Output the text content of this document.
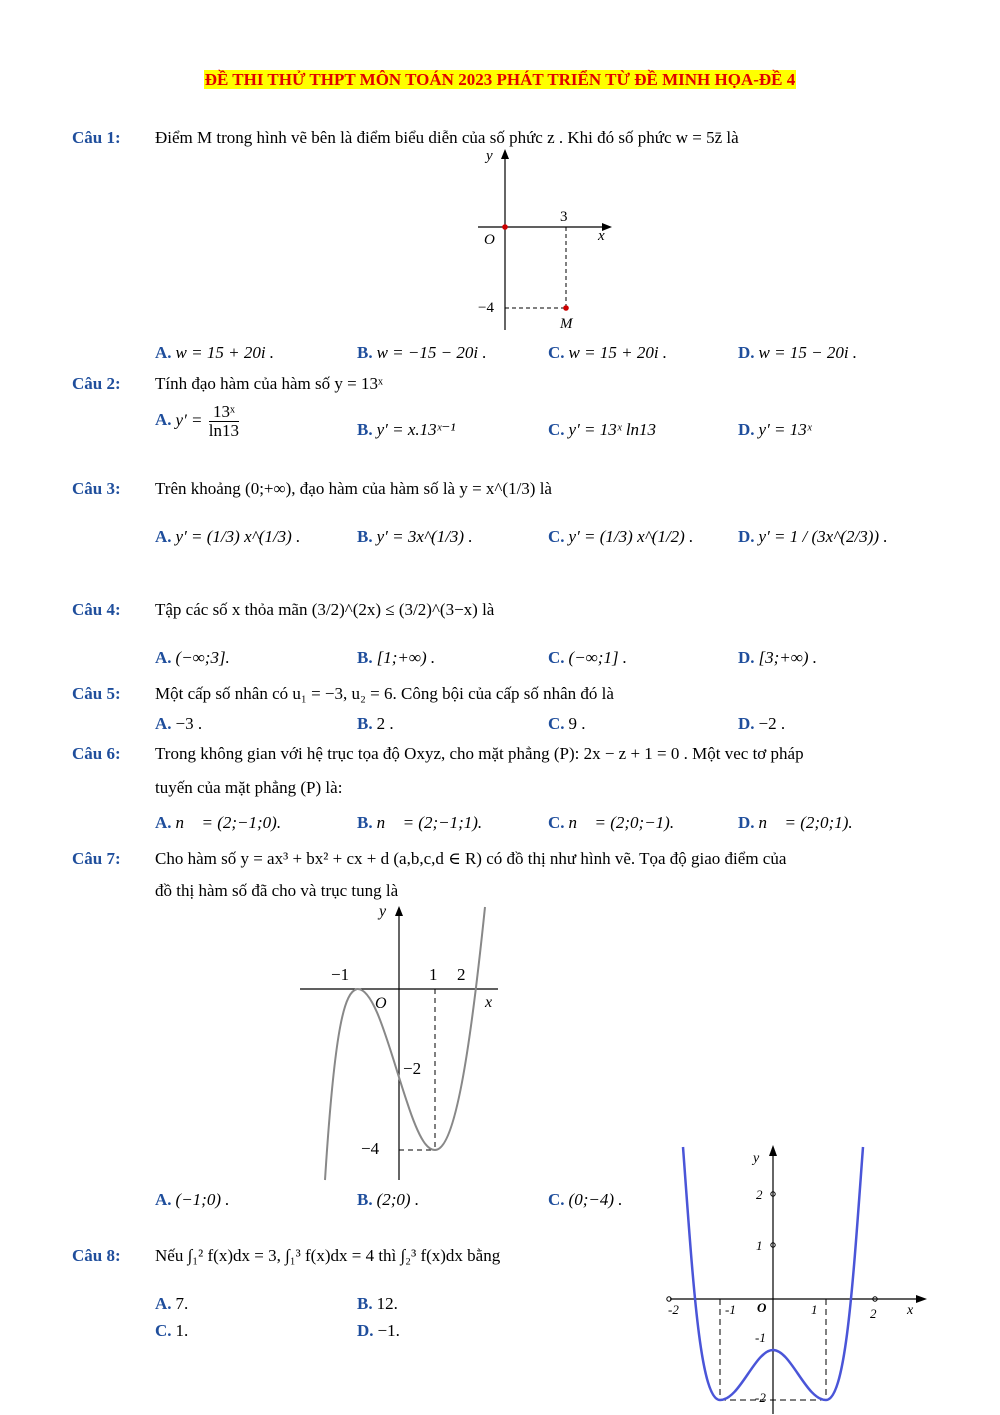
ĐỀ THI THỬ THPT MÔN TOÁN 2023 PHÁT TRIỂN TỪ ĐỀ MINH HỌA-ĐỀ 4
Câu 1: Điểm M trong hình vẽ bên là điểm biểu diễn của số phức z . Khi đó số phức w = 5z̄ là
y
x
O
3
−4
M
A. w = 15 + 20i .	B. w = −15 − 20i .	C. w = 15 + 20i .	D. w = 15 − 20i .
Câu 2: Tính đạo hàm của hàm số y = 13ˣ
A. $y' = \frac{\text{13ˣ}}{\ln 13}$	B. y′ = x.13ˣ⁻¹	C. y′ = 13ˣ ln13	D. y′ = 13ˣ
Câu 3: Trên khoảng (0;+∞), đạo hàm của hàm số là y = x^(1/3) là
A. y′ = (1/3) x^(1/3) .	B. y′ = 3x^(1/3) .	C. y′ = (1/3) x^(1/2) .	D. y′ = 1 / (3x^(2/3)) .
Câu 4: Tập các số x thỏa mãn (3/2)^(2x) ≤ (3/2)^(3−x) là
A. (−∞;3].	B. [1;+∞) .	C. (−∞;1] .	D. [3;+∞) .
Câu 5: Một cấp số nhân có u₁ = −3, u₂ = 6. Công bội của cấp số nhân đó là
A. −3 .	B. 2 .	C. 9 .	D. −2 .
Câu 6: Trong không gian với hệ trục tọa độ Oxyz, cho mặt phẳng (P): 2x − z + 1 = 0 . Một vec tơ pháp
tuyến của mặt phẳng (P) là:
A. n⃗ = (2;−1;0).	B. n⃗ = (2;−1;1).	C. n⃗ = (2;0;−1).	D. n⃗ = (2;0;1).
Câu 7: Cho hàm số y = ax³ + bx² + cx + d (a,b,c,d ∈ R) có đồ thị như hình vẽ. Tọa độ giao điểm của
đồ thị hàm số đã cho và trục tung là
y
x
O
−1	1 2
−2
−4
A. (−1;0) .	B. (2;0) .	C. (0;−4) .
Câu 8: Nếu ∫₁² f(x)dx = 3, ∫₁³ f(x)dx = 4 thì ∫₂³ f(x)dx bằng
A. 7.	B. 12.
C. 1.	D. −1.
y
x
O
2
1
-1
-2
1	2
-1
-2
